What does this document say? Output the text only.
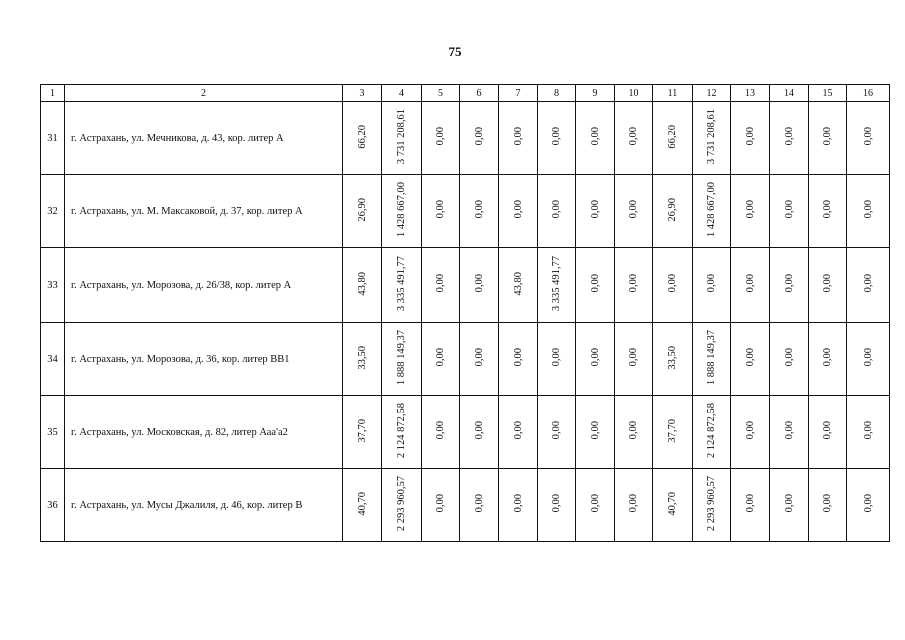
75
1	2	3	4	5	6	7	8	9	10	11	12	13	14	15	16
31	г. Астрахань, ул. Мечникова, д. 43, кор. литер А	66,20	3 731 208,61	0,00	0,00	0,00	0,00	0,00	0,00	66,20	3 731 208,61	0,00	0,00	0,00	0,00
32	г. Астрахань, ул. М. Максаковой, д. 37, кор. литер А	26,90	1 428 667,00	0,00	0,00	0,00	0,00	0,00	0,00	26,90	1 428 667,00	0,00	0,00	0,00	0,00
33	г. Астрахань, ул. Морозова, д. 26/38, кор. литер А	43,80	3 335 491,77	0,00	0,00	43,80	3 335 491,77	0,00	0,00	0,00	0,00	0,00	0,00	0,00	0,00
34	г. Астрахань, ул. Морозова, д. 36, кор. литер ВВ1	33,50	1 888 149,37	0,00	0,00	0,00	0,00	0,00	0,00	33,50	1 888 149,37	0,00	0,00	0,00	0,00
35	г. Астрахань, ул. Московская, д. 82, литер Ааа'а2	37,70	2 124 872,58	0,00	0,00	0,00	0,00	0,00	0,00	37,70	2 124 872,58	0,00	0,00	0,00	0,00
36	г. Астрахань, ул. Мусы Джалиля, д. 46, кор. литер В	40,70	2 293 960,57	0,00	0,00	0,00	0,00	0,00	0,00	40,70	2 293 960,57	0,00	0,00	0,00	0,00
